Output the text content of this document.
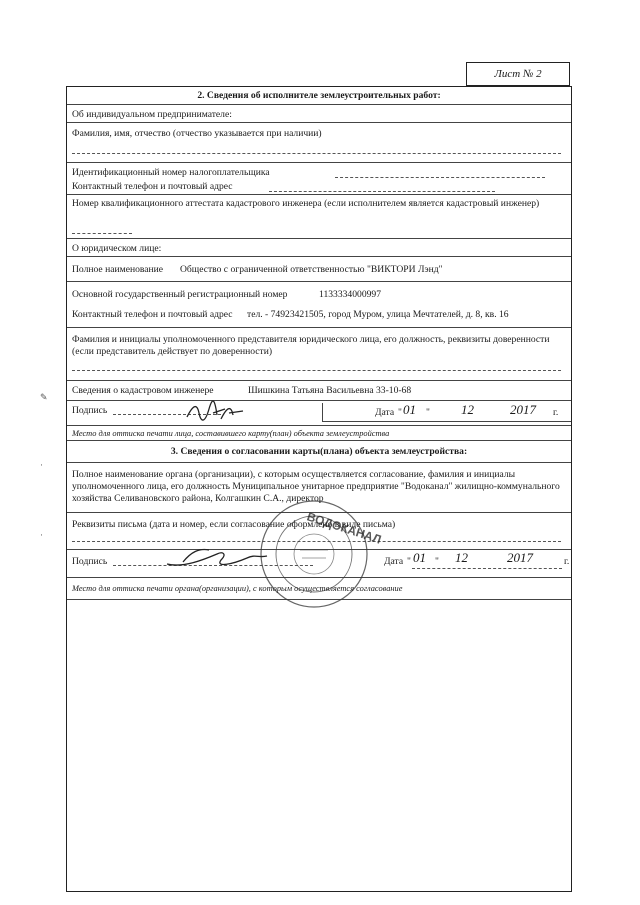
Лист № 2
2. Сведения об исполнителе землеустроительных работ:
Об индивидуальном предпринимателе:
Фамилия, имя, отчество (отчество указывается при наличии)
Идентификационный номер налогоплательщика
Контактный телефон и почтовый адрес
Номер квалификационного аттестата кадастрового инженера (если исполнителем является кадастровый инженер)
О юридическом лице:
Полное наименование Общество с ограниченной ответственностью "ВИКТОРИ Лэнд"
Основной государственный регистрационный номер	1133334000997
Контактный телефон и почтовый адрес тел. - 74923421505, город Муром, улица Мечтателей, д. 8, кв. 16
Фамилия и инициалы уполномоченного представителя юридического лица, его должность, реквизиты доверенности (если представитель действует по доверенности)
Сведения о кадастровом инженере	Шишкина Татьяна Васильевна 33-10-68
Подпись	Дата " 01 " 12	2017 г.
Место для оттиска печати лица, составившего карту(план) объекта землеустройства
3. Сведения о согласовании карты(плана) объекта землеустройства:
Полное наименование органа (организации), с которым осуществляется согласование, фамилия и инициалы уполномоченного лица, его должность Муниципальное унитарное предприятие "Водоканал" жилищно-коммунального хозяйства Селивановского района, Колгашкин С.А., директор
Реквизиты письма (дата и номер, если согласование оформлено в виде письма)
Подпись	Дата " 01 " 12	2017	г.
Место для оттиска печати органа(организации), с которым осуществляется согласование
ВОДОКАНАЛ
✎
·
·
